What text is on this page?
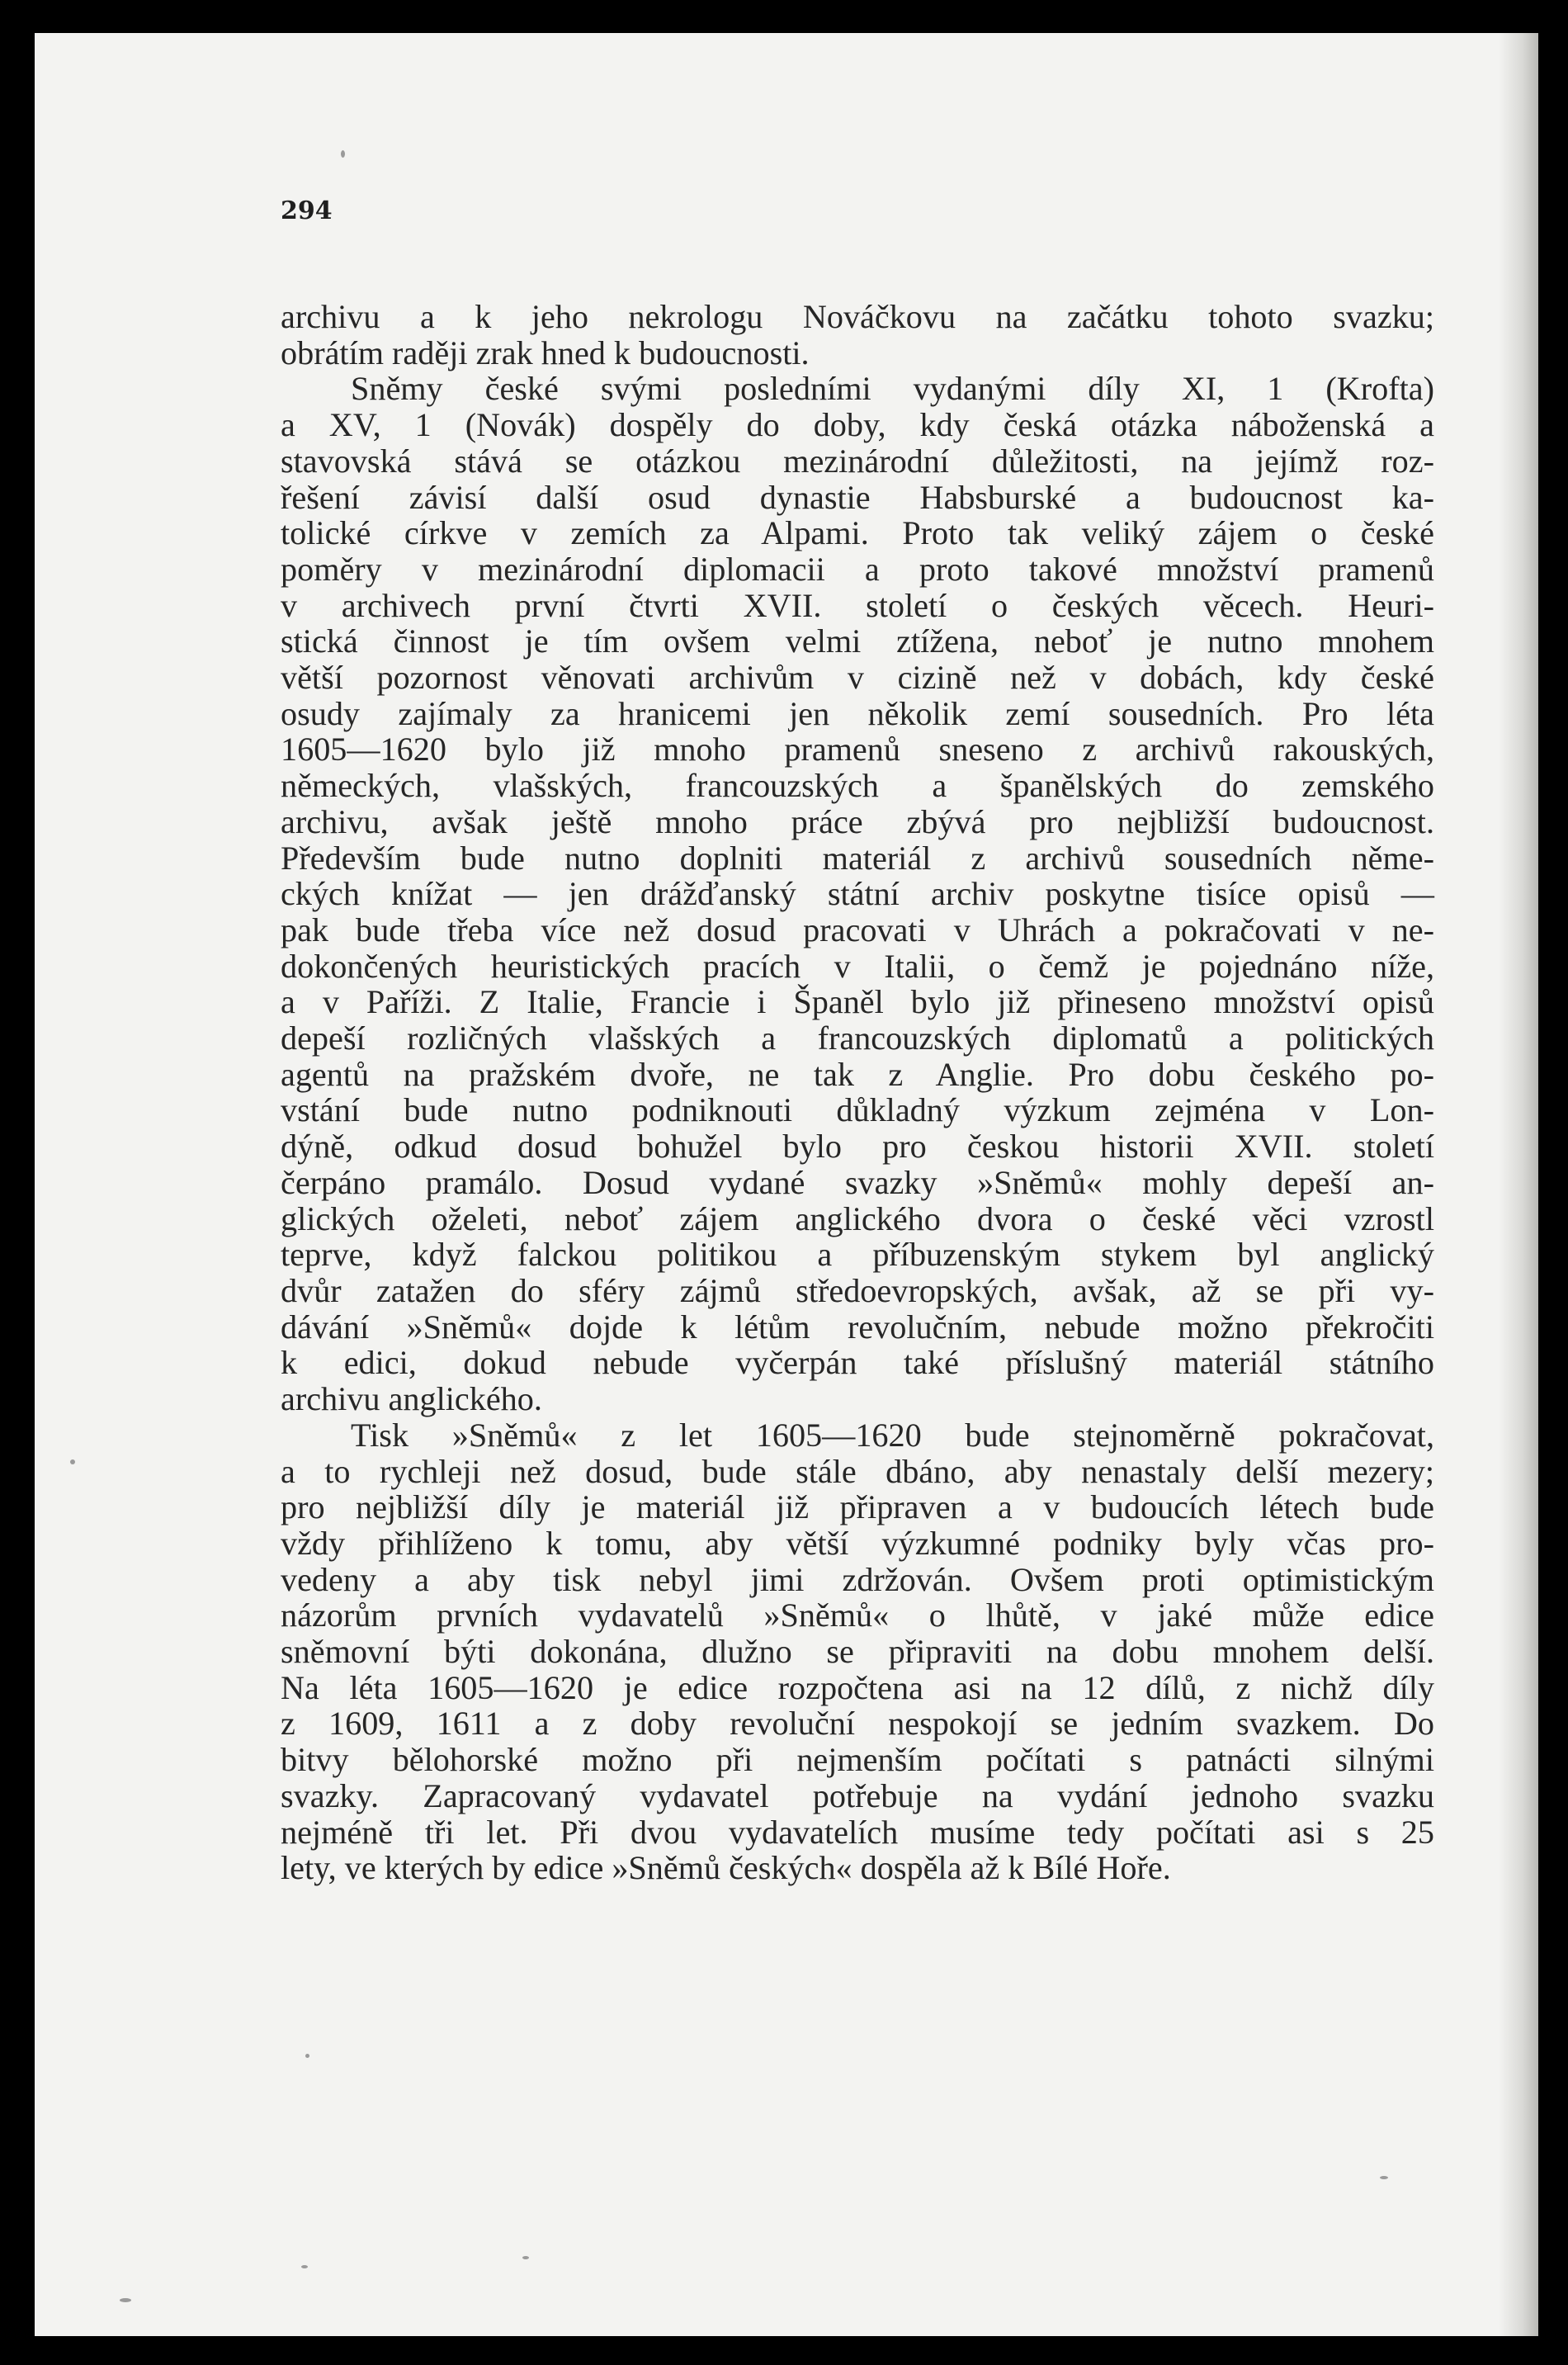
294
archivu a k jeho nekrologu Nováčkovu na začátku tohoto svazku;
obrátím raději zrak hned k budoucnosti.
Sněmy české svými posledními vydanými díly XI, 1 (Krofta)
a XV, 1 (Novák) dospěly do doby, kdy česká otázka náboženská a
stavovská stává se otázkou mezinárodní důležitosti, na jejímž roz-
řešení závisí další osud dynastie Habsburské a budoucnost ka-
tolické církve v zemích za Alpami. Proto tak veliký zájem o české
poměry v mezinárodní diplomacii a proto takové množství pramenů
v archivech první čtvrti XVII. století o českých věcech. Heuri-
stická činnost je tím ovšem velmi ztížena, neboť je nutno mnohem
větší pozornost věnovati archivům v cizině než v dobách, kdy české
osudy zajímaly za hranicemi jen několik zemí sousedních. Pro léta
1605—1620 bylo již mnoho pramenů sneseno z archivů rakouských,
německých, vlašských, francouzských a španělských do zemského
archivu, avšak ještě mnoho práce zbývá pro nejbližší budoucnost.
Především bude nutno doplniti materiál z archivů sousedních něme-
ckých knížat — jen drážďanský státní archiv poskytne tisíce opisů —
pak bude třeba více než dosud pracovati v Uhrách a pokračovati v ne-
dokončených heuristických pracích v Italii, o čemž je pojednáno níže,
a v Paříži. Z Italie, Francie i Španěl bylo již přineseno množství opisů
depeší rozličných vlašských a francouzských diplomatů a politických
agentů na pražském dvoře, ne tak z Anglie. Pro dobu českého po-
vstání bude nutno podniknouti důkladný výzkum zejména v Lon-
dýně, odkud dosud bohužel bylo pro českou historii XVII. století
čerpáno pramálo. Dosud vydané svazky »Sněmů« mohly depeší an-
glických oželeti, neboť zájem anglického dvora o české věci vzrostl
teprve, když falckou politikou a příbuzenským stykem byl anglický
dvůr zatažen do sféry zájmů středoevropských, avšak, až se při vy-
dávání »Sněmů« dojde k létům revolučním, nebude možno překročiti
k edici, dokud nebude vyčerpán také příslušný materiál státního
archivu anglického.
Tisk »Sněmů« z let 1605—1620 bude stejnoměrně pokračovat,
a to rychleji než dosud, bude stále dbáno, aby nenastaly delší mezery;
pro nejbližší díly je materiál již připraven a v budoucích létech bude
vždy přihlíženo k tomu, aby větší výzkumné podniky byly včas pro-
vedeny a aby tisk nebyl jimi zdržován. Ovšem proti optimistickým
názorům prvních vydavatelů »Sněmů« o lhůtě, v jaké může edice
sněmovní býti dokonána, dlužno se připraviti na dobu mnohem delší.
Na léta 1605—1620 je edice rozpočtena asi na 12 dílů, z nichž díly
z 1609, 1611 a z doby revoluční nespokojí se jedním svazkem. Do
bitvy bělohorské možno při nejmenším počítati s patnácti silnými
svazky. Zapracovaný vydavatel potřebuje na vydání jednoho svazku
nejméně tři let. Při dvou vydavatelích musíme tedy počítati asi s 25
lety, ve kterých by edice »Sněmů českých« dospěla až k Bílé Hoře.
